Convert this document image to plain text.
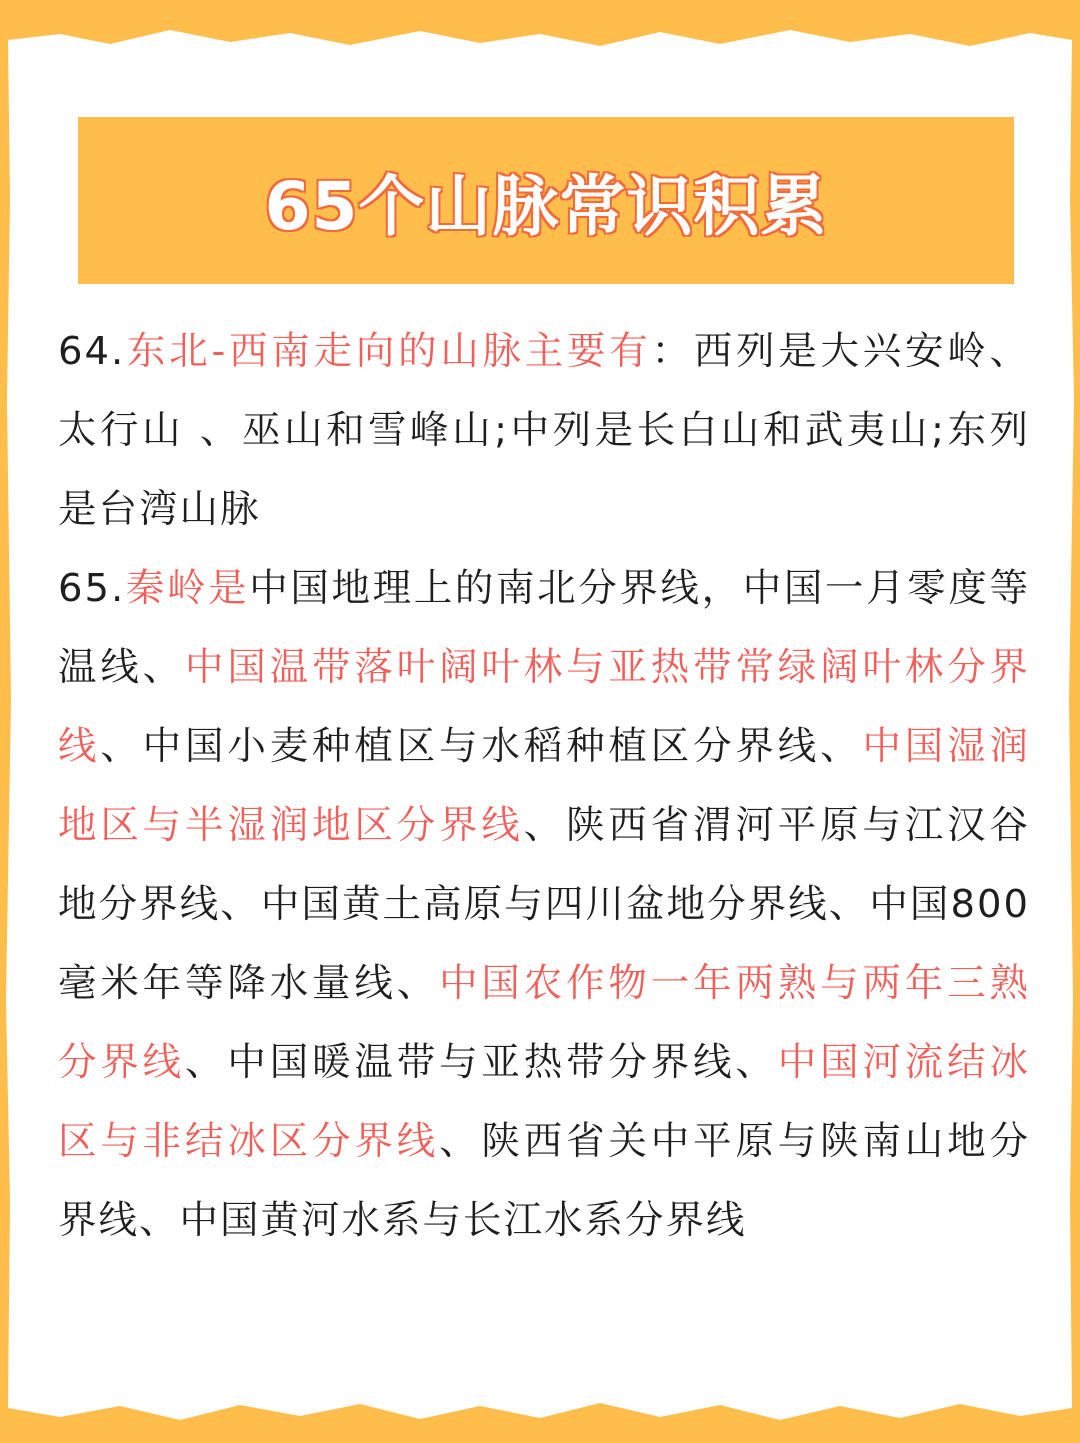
65个山脉常识积累

64.东北-西南走向的山脉主要有：西列是大兴安岭、太行山 、巫山和雪峰山;中列是长白山和武夷山;东列是台湾山脉

65.秦岭是中国地理上的南北分界线，中国一月零度等温线、中国温带落叶阔叶林与亚热带常绿阔叶林分界线、中国小麦种植区与水稻种植区分界线、中国湿润地区与半湿润地区分界线、陕西省渭河平原与江汉谷地分界线、中国黄土高原与四川盆地分界线、中国800毫米年等降水量线、中国农作物一年两熟与两年三熟分界线、中国暖温带与亚热带分界线、中国河流结冰区与非结冰区分界线、陕西省关中平原与陕南山地分界线、中国黄河水系与长江水系分界线
